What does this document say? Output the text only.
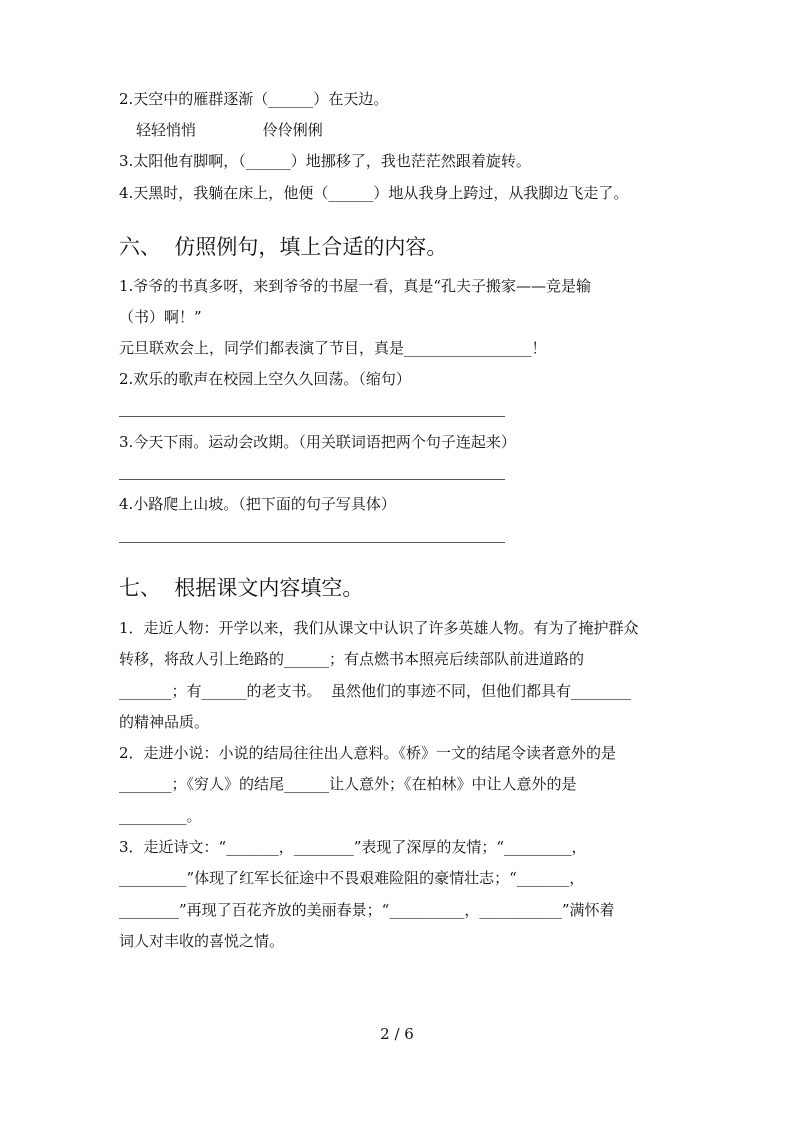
2.天空中的雁群逐渐（______）在天边。
轻轻悄悄              伶伶俐俐
3.太阳他有脚啊，（______）地挪移了，我也茫茫然跟着旋转。
4.天黑时，我躺在床上，他便（______）地从我身上跨过，从我脚边飞走了。
六、  仿照例句，填上合适的内容。
1.爷爷的书真多呀，来到爷爷的书屋一看，真是“孔夫子搬家——竞是输
（书）啊！”
元旦联欢会上，同学们都表演了节目，真是_________________！
2.欢乐的歌声在校园上空久久回荡。（缩句）
3.今天下雨。运动会改期。（用关联词语把两个句子连起来）
4.小路爬上山坡。（把下面的句子写具体）
七、  根据课文内容填空。
1．走近人物：开学以来，我们从课文中认识了许多英雄人物。有为了掩护群众
转移，将敌人引上绝路的______；有点燃书本照亮后续部队前进道路的
_______；有______的老支书。  虽然他们的事迹不同，但他们都具有________
的精神品质。
2．走进小说：小说的结局往往出人意料。《桥》一文的结尾令读者意外的是
_______；《穷人》的结尾______让人意外；《在柏林》中让人意外的是
_________。
3．走近诗文：“_______，________”表现了深厚的友情；“_________，
_________”体现了红军长征途中不畏艰难险阻的豪情壮志；“_______，
________”再现了百花齐放的美丽春景；“__________，___________”满怀着
词人对丰收的喜悦之情。
2 / 6
